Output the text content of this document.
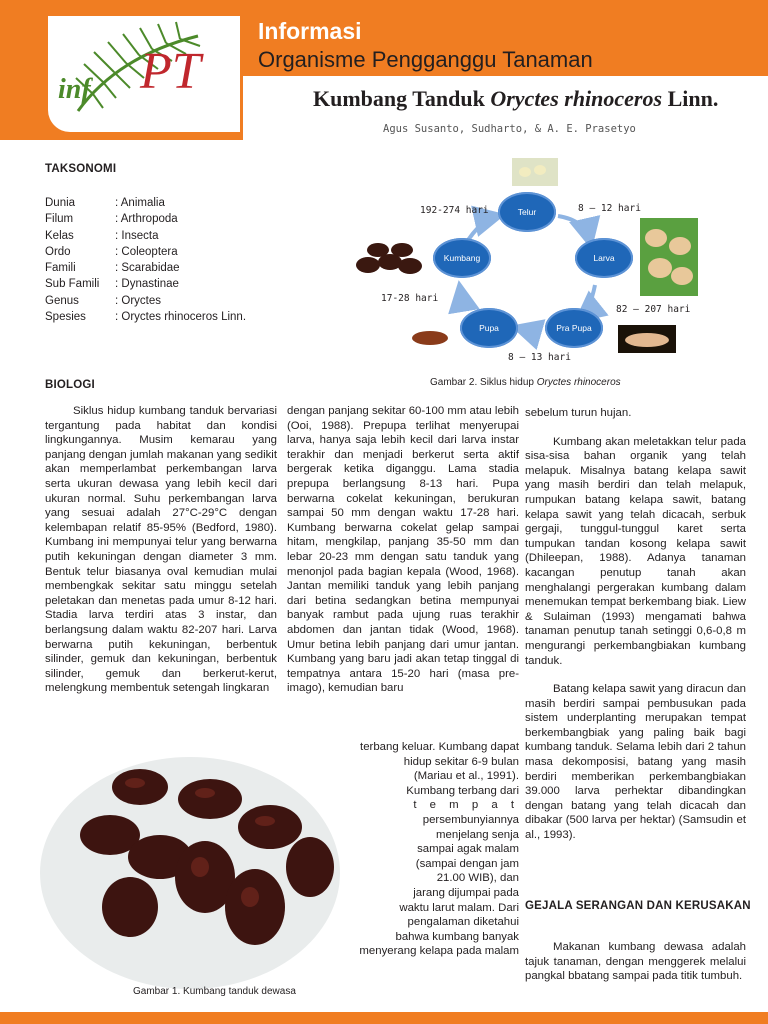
inf PT
Informasi
Organisme Pengganggu Tanaman
Kumbang Tanduk Oryctes rhinoceros Linn.
Agus Susanto, Sudharto, & A. E. Prasetyo
TAKSONOMI
Dunia	: Animalia
Filum	: Arthropoda
Kelas	: Insecta
Ordo	: Coleoptera
Famili	: Scarabidae
Sub Famili	: Dynastinae
Genus	: Oryctes
Spesies	: Oryctes rhinoceros Linn.
Telur
Larva
Pra Pupa
Pupa
Kumbang
192-274 hari	8 – 12 hari
82 – 207 hari
8 – 13 hari
17-28 hari
Gambar 2. Siklus hidup Oryctes rhinoceros
BIOLOGI

Siklus hidup kumbang tanduk bervariasi tergantung pada habitat dan kondisi lingkungannya. Musim kemarau yang panjang dengan jumlah makanan yang sedikit akan memperlambat perkembangan larva serta ukuran dewasa yang lebih kecil dari ukuran normal. Suhu perkembangan larva yang sesuai adalah 27°C-29°C dengan kelembapan relatif 85-95% (Bedford, 1980). Kumbang ini mempunyai telur yang berwarna putih kekuningan dengan diameter 3 mm. Bentuk telur biasanya oval kemudian mulai membengkak sekitar satu minggu setelah peletakan dan menetas pada umur 8-12 hari. Stadia larva terdiri atas 3 instar, dan berlangsung dalam waktu 82-207 hari. Larva berwarna putih kekuningan, berbentuk silinder, gemuk dan kekuningan, berbentuk silinder, gemuk dan berkerut-kerut, melengkung membentuk setengah lingkaran

Gambar 1. Kumbang tanduk dewasa

dengan panjang sekitar 60-100 mm atau lebih (Ooi, 1988). Prepupa terlihat menyerupai larva, hanya saja lebih kecil dari larva instar terakhir dan menjadi berkerut serta aktif bergerak ketika diganggu. Lama stadia prepupa berlangsung 8-13 hari. Pupa berwarna cokelat kekuningan, berukuran sampai 50 mm dengan waktu 17-28 hari. Kumbang berwarna cokelat gelap sampai hitam, mengkilap, panjang 35-50 mm dan lebar 20-23 mm dengan satu tanduk yang menonjol pada bagian kepala (Wood, 1968). Jantan memiliki tanduk yang lebih panjang dari betina sedangkan betina mempunyai banyak rambut pada ujung ruas terakhir abdomen dan jantan tidak (Wood, 1968). Umur betina lebih panjang dari umur jantan. Kumbang yang baru jadi akan tetap tinggal di tempatnya antara 15-20 hari (masa pre-imago), kemudian baru

terbang keluar. Kumbang dapat
hidup sekitar 6-9 bulan
(Mariau et al., 1991).
Kumbang terbang dari
t e m p a t
persembunyiannya
menjelang senja
sampai agak malam
(sampai dengan jam
21.00 WIB), dan
jarang dijumpai pada
waktu larut malam. Dari
pengalaman diketahui
bahwa kumbang banyak
menyerang kelapa pada malam

sebelum turun hujan.

Kumbang akan meletakkan telur pada sisa-sisa bahan organik yang telah melapuk. Misalnya batang kelapa sawit yang masih berdiri dan telah melapuk, rumpukan batang kelapa sawit, batang kelapa sawit yang telah dicacah, serbuk gergaji, tunggul-tunggul karet serta tumpukan tandan kosong kelapa sawit (Dhileepan, 1988). Adanya tanaman kacangan penutup tanah akan menghalangi pergerakan kumbang dalam menemukan tempat berkembang biak. Liew & Sulaiman (1993) mengamati bahwa tanaman penutup tanah setinggi 0,6-0,8 m mengurangi perkembangbiakan kumbang tanduk.

Batang kelapa sawit yang diracun dan masih berdiri sampai pembusukan pada sistem underplanting merupakan tempat berkembangbiak yang paling baik bagi kumbang tanduk. Selama lebih dari 2 tahun masa dekomposisi, batang yang masih berdiri memberikan perkembangbiakan 39.000 larva perhektar dibandingkan dengan batang yang telah dicacah dan dibakar (500 larva per hektar) (Samsudin et al., 1993).

GEJALA SERANGAN DAN KERUSAKAN

Makanan kumbang dewasa adalah tajuk tanaman, dengan menggerek melalui pangkal bbatang sampai pada titik tumbuh.
